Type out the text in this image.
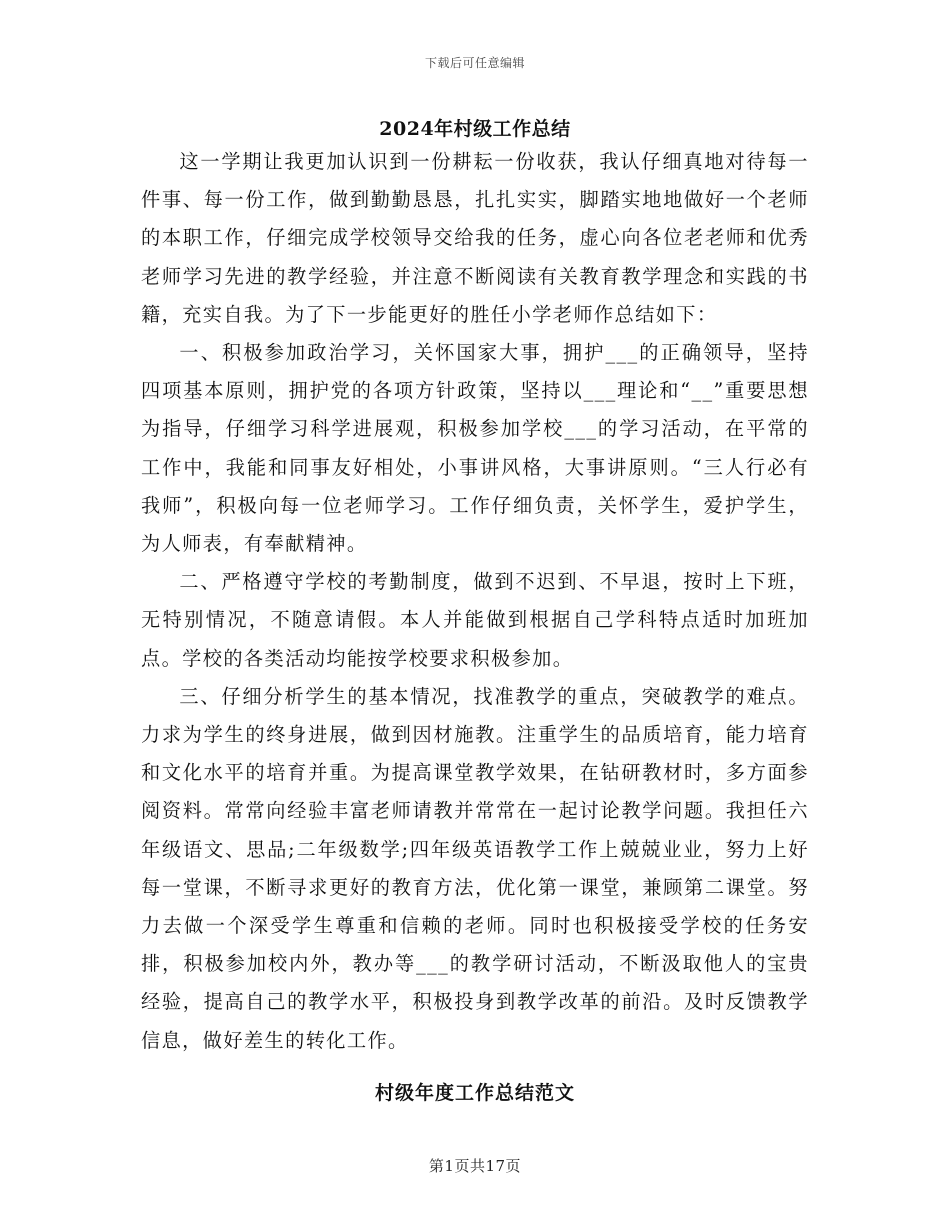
下载后可任意编辑
2024年村级工作总结

这一学期让我更加认识到一份耕耘一份收获，我认仔细真地对待每一件事、每一份工作，做到勤勤恳恳，扎扎实实，脚踏实地地做好一个老师的本职工作，仔细完成学校领导交给我的任务，虚心向各位老老师和优秀老师学习先进的教学经验，并注意不断阅读有关教育教学理念和实践的书籍，充实自我。为了下一步能更好的胜任小学老师作总结如下：

一、积极参加政治学习，关怀国家大事，拥护___的正确领导，坚持四项基本原则，拥护党的各项方针政策，坚持以___理论和“__”重要思想为指导，仔细学习科学进展观，积极参加学校___的学习活动，在平常的工作中，我能和同事友好相处，小事讲风格，大事讲原则。“三人行必有我师”，积极向每一位老师学习。工作仔细负责，关怀学生，爱护学生，为人师表，有奉献精神。

二、严格遵守学校的考勤制度，做到不迟到、不早退，按时上下班，无特别情况，不随意请假。本人并能做到根据自己学科特点适时加班加点。学校的各类活动均能按学校要求积极参加。

三、仔细分析学生的基本情况，找准教学的重点，突破教学的难点。力求为学生的终身进展，做到因材施教。注重学生的品质培育，能力培育和文化水平的培育并重。为提高课堂教学效果，在钻研教材时，多方面参阅资料。常常向经验丰富老师请教并常常在一起讨论教学问题。我担任六年级语文、思品;二年级数学;四年级英语教学工作上兢兢业业，努力上好每一堂课，不断寻求更好的教育方法，优化第一课堂，兼顾第二课堂。努力去做一个深受学生尊重和信赖的老师。同时也积极接受学校的任务安排，积极参加校内外，教办等___的教学研讨活动，不断汲取他人的宝贵经验，提高自己的教学水平，积极投身到教学改革的前沿。及时反馈教学信息，做好差生的转化工作。

村级年度工作总结范文
第1页共17页
